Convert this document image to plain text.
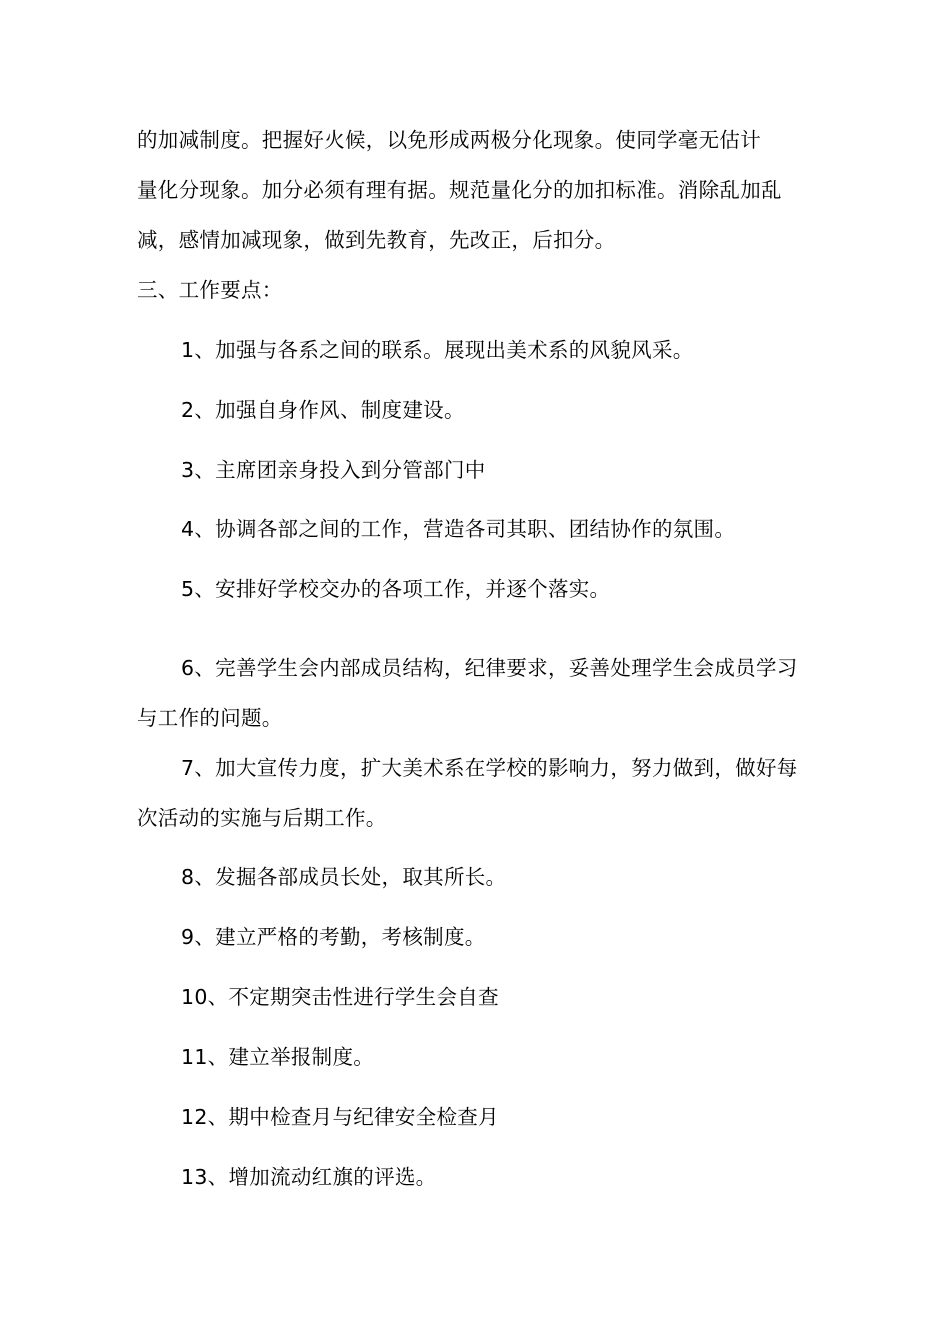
的加减制度。把握好火候，以免形成两极分化现象。使同学毫无估计
量化分现象。加分必须有理有据。规范量化分的加扣标准。消除乱加乱
减，感情加减现象，做到先教育，先改正，后扣分。
三、工作要点：
1、加强与各系之间的联系。展现出美术系的风貌风采。
2、加强自身作风、制度建设。
3、主席团亲身投入到分管部门中
4、协调各部之间的工作，营造各司其职、团结协作的氛围。
5、安排好学校交办的各项工作，并逐个落实。
6、完善学生会内部成员结构，纪律要求，妥善处理学生会成员学习
与工作的问题。
7、加大宣传力度，扩大美术系在学校的影响力，努力做到，做好每
次活动的实施与后期工作。
8、发掘各部成员长处，取其所长。
9、建立严格的考勤，考核制度。
10、不定期突击性进行学生会自查
11、建立举报制度。
12、期中检查月与纪律安全检查月
13、增加流动红旗的评选。
